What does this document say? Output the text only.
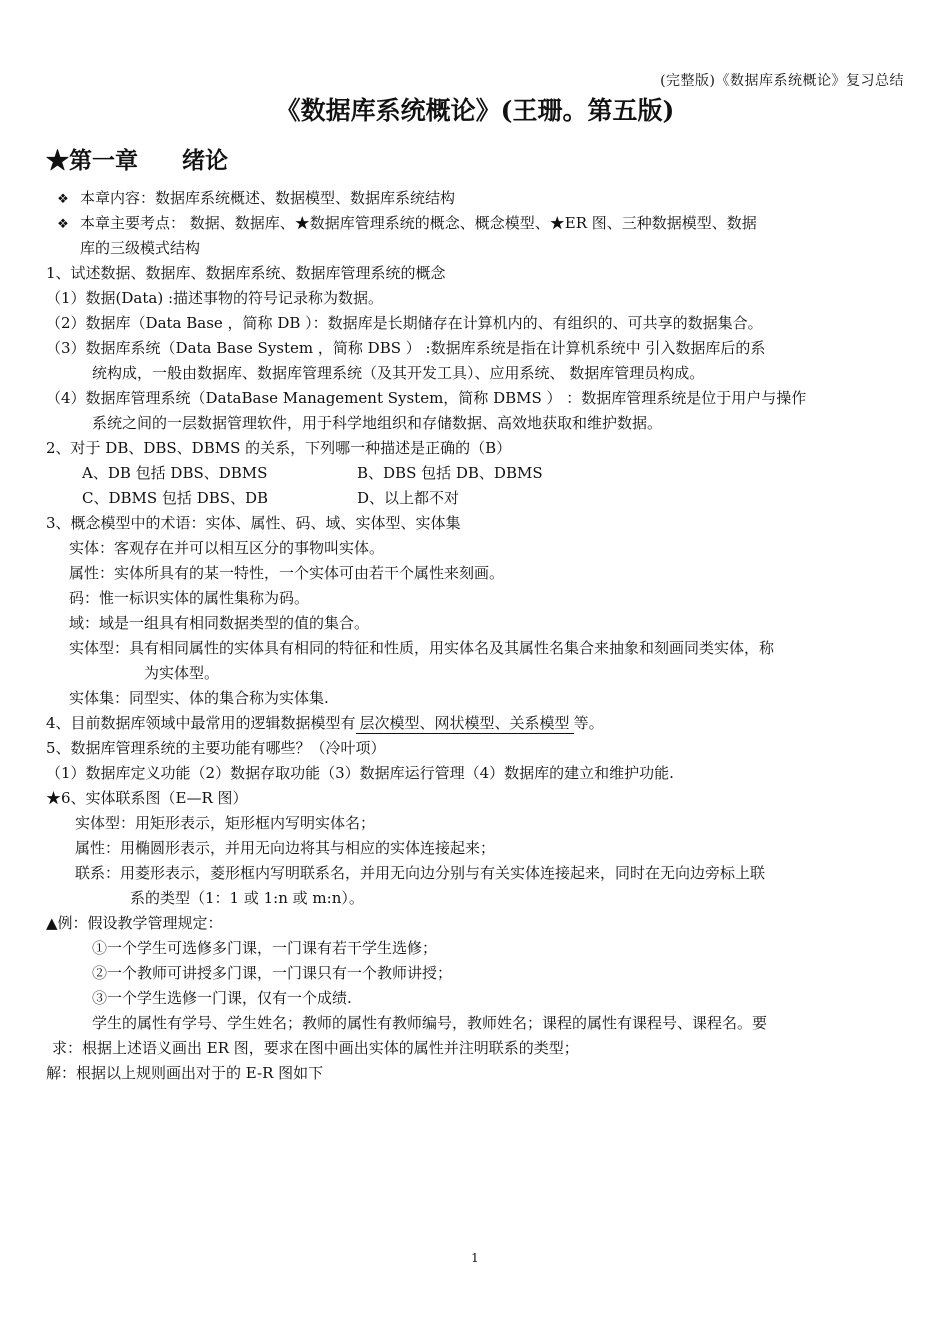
(完整版)《数据库系统概论》复习总结
《数据库系统概论》(王珊。第五版)
★第一章 绪论
❖ 本章内容：数据库系统概述、数据模型、数据库系统结构
❖ 本章主要考点： 数据、数据库、★数据库管理系统的概念、概念模型、★ER 图、三种数据模型、数据
库的三级模式结构
1、试述数据、数据库、数据库系统、数据库管理系统的概念
（1）数据(Data) :描述事物的符号记录称为数据。
（2）数据库（Data Base ，简称 DB ）：数据库是长期储存在计算机内的、有组织的、可共享的数据集合。
（3）数据库系统（Data Base System ，简称 DBS ） :数据库系统是指在计算机系统中 引入数据库后的系
统构成，一般由数据库、数据库管理系统（及其开发工具）、应用系统、 数据库管理员构成。
（4）数据库管理系统（DataBase Management System，简称 DBMS ） ：数据库管理系统是位于用户与操作
系统之间的一层数据管理软件，用于科学地组织和存储数据、高效地获取和维护数据。
2、对于 DB、DBS、DBMS 的关系，下列哪一种描述是正确的（B）
A、DB 包括 DBS、DBMS	B、DBS 包括 DB、DBMS
C、DBMS 包括 DBS、DB	D、以上都不对
3、概念模型中的术语：实体、属性、码、域、实体型、实体集
实体：客观存在并可以相互区分的事物叫实体。
属性：实体所具有的某一特性，一个实体可由若干个属性来刻画。
码：惟一标识实体的属性集称为码。
域：域是一组具有相同数据类型的值的集合。
实体型：具有相同属性的实体具有相同的特征和性质，用实体名及其属性名集合来抽象和刻画同类实体，称
为实体型。
实体集：同型实、体的集合称为实体集.
4、目前数据库领域中最常用的逻辑数据模型有 层次模型、网状模型、关系模型 等。
5、数据库管理系统的主要功能有哪些？（冷叶项）
（1）数据库定义功能（2）数据存取功能（3）数据库运行管理（4）数据库的建立和维护功能.
★6、实体联系图（E—R 图）
实体型：用矩形表示，矩形框内写明实体名；
属性：用椭圆形表示，并用无向边将其与相应的实体连接起来；
联系：用菱形表示，菱形框内写明联系名，并用无向边分别与有关实体连接起来，同时在无向边旁标上联
系的类型（1：1 或 1:n 或 m:n）。
▲例：假设教学管理规定：
①一个学生可选修多门课，一门课有若干学生选修；
②一个教师可讲授多门课，一门课只有一个教师讲授；
③一个学生选修一门课，仅有一个成绩.
学生的属性有学号、学生姓名；教师的属性有教师编号，教师姓名；课程的属性有课程号、课程名。要
求：根据上述语义画出 ER 图，要求在图中画出实体的属性并注明联系的类型；
解：根据以上规则画出对于的 E-R 图如下
1
